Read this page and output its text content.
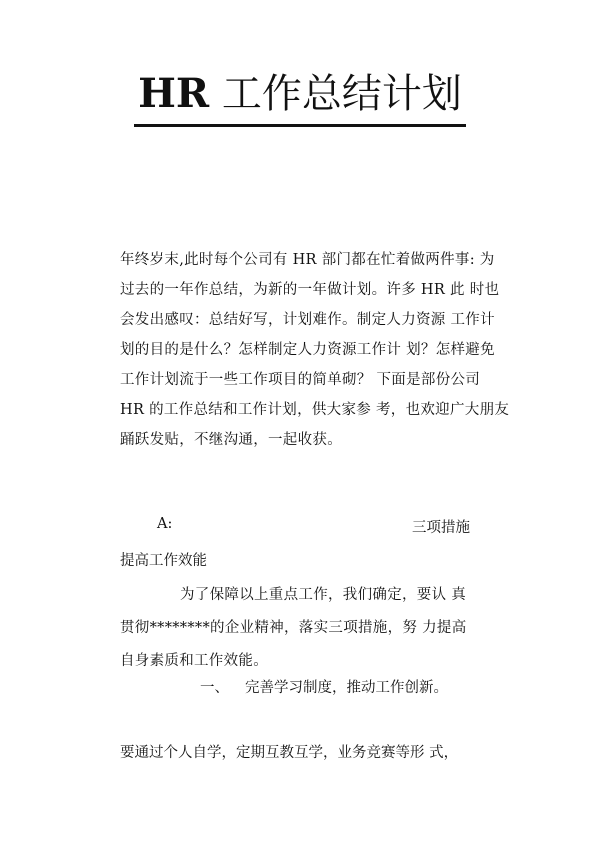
HR 工作总结计划
年终岁末,此时每个公司有 HR 部门都在忙着做两件事: 为
过去的一年作总结，为新的一年做计划。许多 HR 此 时也
会发出感叹：总结好写，计划难作。制定人力资源 工作计
划的目的是什么？怎样制定人力资源工作计 划？怎样避免
工作计划流于一些工作项目的简单砌？ 下面是部份公司
HR 的工作总结和工作计划，供大家参 考，也欢迎广大朋友
踊跃发贴，不继沟通，一起收获。
A:	三项措施
提高工作效能
为了保障以上重点工作，我们确定，要认 真
贯彻********的企业精神，落实三项措施，努 力提高
自身素质和工作效能。
一、 完善学习制度，推动工作创新。
要通过个人自学，定期互教互学，业务竞赛等形 式，
